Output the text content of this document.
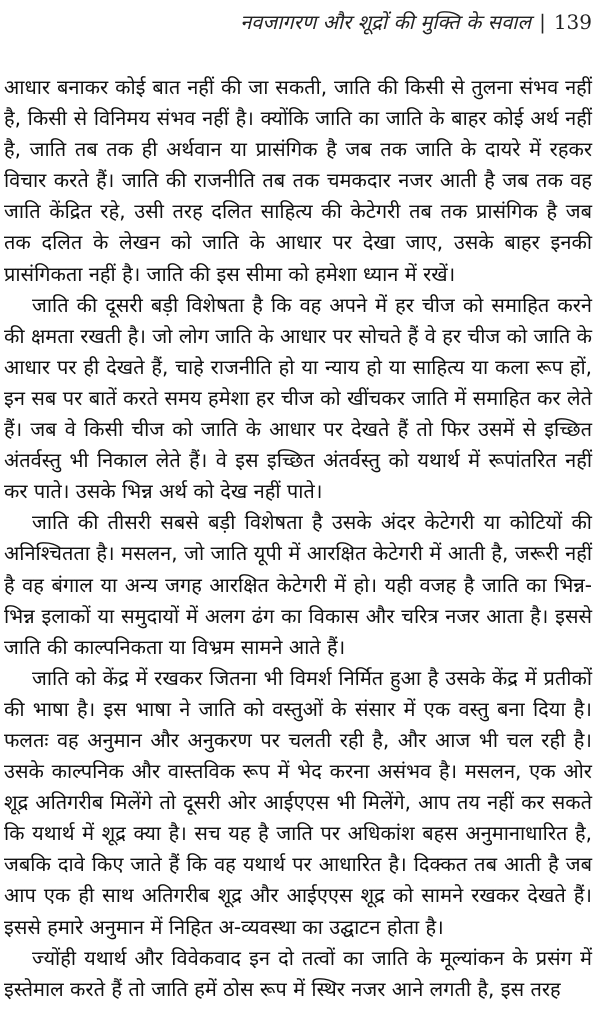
नवजागरण और शूद्रों की मुक्ति के सवाल | 139

आधार बनाकर कोई बात नहीं की जा सकती, जाति की किसी से तुलना संभव नहीं है, किसी से विनिमय संभव नहीं है। क्योंकि जाति का जाति के बाहर कोई अर्थ नहीं है, जाति तब तक ही अर्थवान या प्रासंगिक है जब तक जाति के दायरे में रहकर विचार करते हैं। जाति की राजनीति तब तक चमकदार नजर आती है जब तक वह जाति केंद्रित रहे, उसी तरह दलित साहित्य की केटेगरी तब तक प्रासंगिक है जब तक दलित के लेखन को जाति के आधार पर देखा जाए, उसके बाहर इनकी प्रासंगिकता नहीं है। जाति की इस सीमा को हमेशा ध्यान में रखें।

जाति की दूसरी बड़ी विशेषता है कि वह अपने में हर चीज को समाहित करने की क्षमता रखती है। जो लोग जाति के आधार पर सोचते हैं वे हर चीज को जाति के आधार पर ही देखते हैं, चाहे राजनीति हो या न्याय हो या साहित्य या कला रूप हों, इन सब पर बातें करते समय हमेशा हर चीज को खींचकर जाति में समाहित कर लेते हैं। जब वे किसी चीज को जाति के आधार पर देखते हैं तो फिर उसमें से इच्छित अंतर्वस्तु भी निकाल लेते हैं। वे इस इच्छित अंतर्वस्तु को यथार्थ में रूपांतरित नहीं कर पाते। उसके भिन्न अर्थ को देख नहीं पाते।

जाति की तीसरी सबसे बड़ी विशेषता है उसके अंदर केटेगरी या कोटियों की अनिश्चितता है। मसलन, जो जाति यूपी में आरक्षित केटेगरी में आती है, जरूरी नहीं है वह बंगाल या अन्य जगह आरक्षित केटेगरी में हो। यही वजह है जाति का भिन्न-भिन्न इलाकों या समुदायों में अलग ढंग का विकास और चरित्र नजर आता है। इससे जाति की काल्पनिकता या विभ्रम सामने आते हैं।

जाति को केंद्र में रखकर जितना भी विमर्श निर्मित हुआ है उसके केंद्र में प्रतीकों की भाषा है। इस भाषा ने जाति को वस्तुओं के संसार में एक वस्तु बना दिया है। फलतः वह अनुमान और अनुकरण पर चलती रही है, और आज भी चल रही है। उसके काल्पनिक और वास्तविक रूप में भेद करना असंभव है। मसलन, एक ओर शूद्र अतिगरीब मिलेंगे तो दूसरी ओर आईएएस भी मिलेंगे, आप तय नहीं कर सकते कि यथार्थ में शूद्र क्या है। सच यह है जाति पर अधिकांश बहस अनुमानाधारित है, जबकि दावे किए जाते हैं कि वह यथार्थ पर आधारित है। दिक्कत तब आती है जब आप एक ही साथ अतिगरीब शूद्र और आईएएस शूद्र को सामने रखकर देखते हैं। इससे हमारे अनुमान में निहित अ-व्यवस्था का उद्घाटन होता है।

ज्योंही यथार्थ और विवेकवाद इन दो तत्वों का जाति के मूल्यांकन के प्रसंग में इस्तेमाल करते हैं तो जाति हमें ठोस रूप में स्थिर नजर आने लगती है, इस तरह
